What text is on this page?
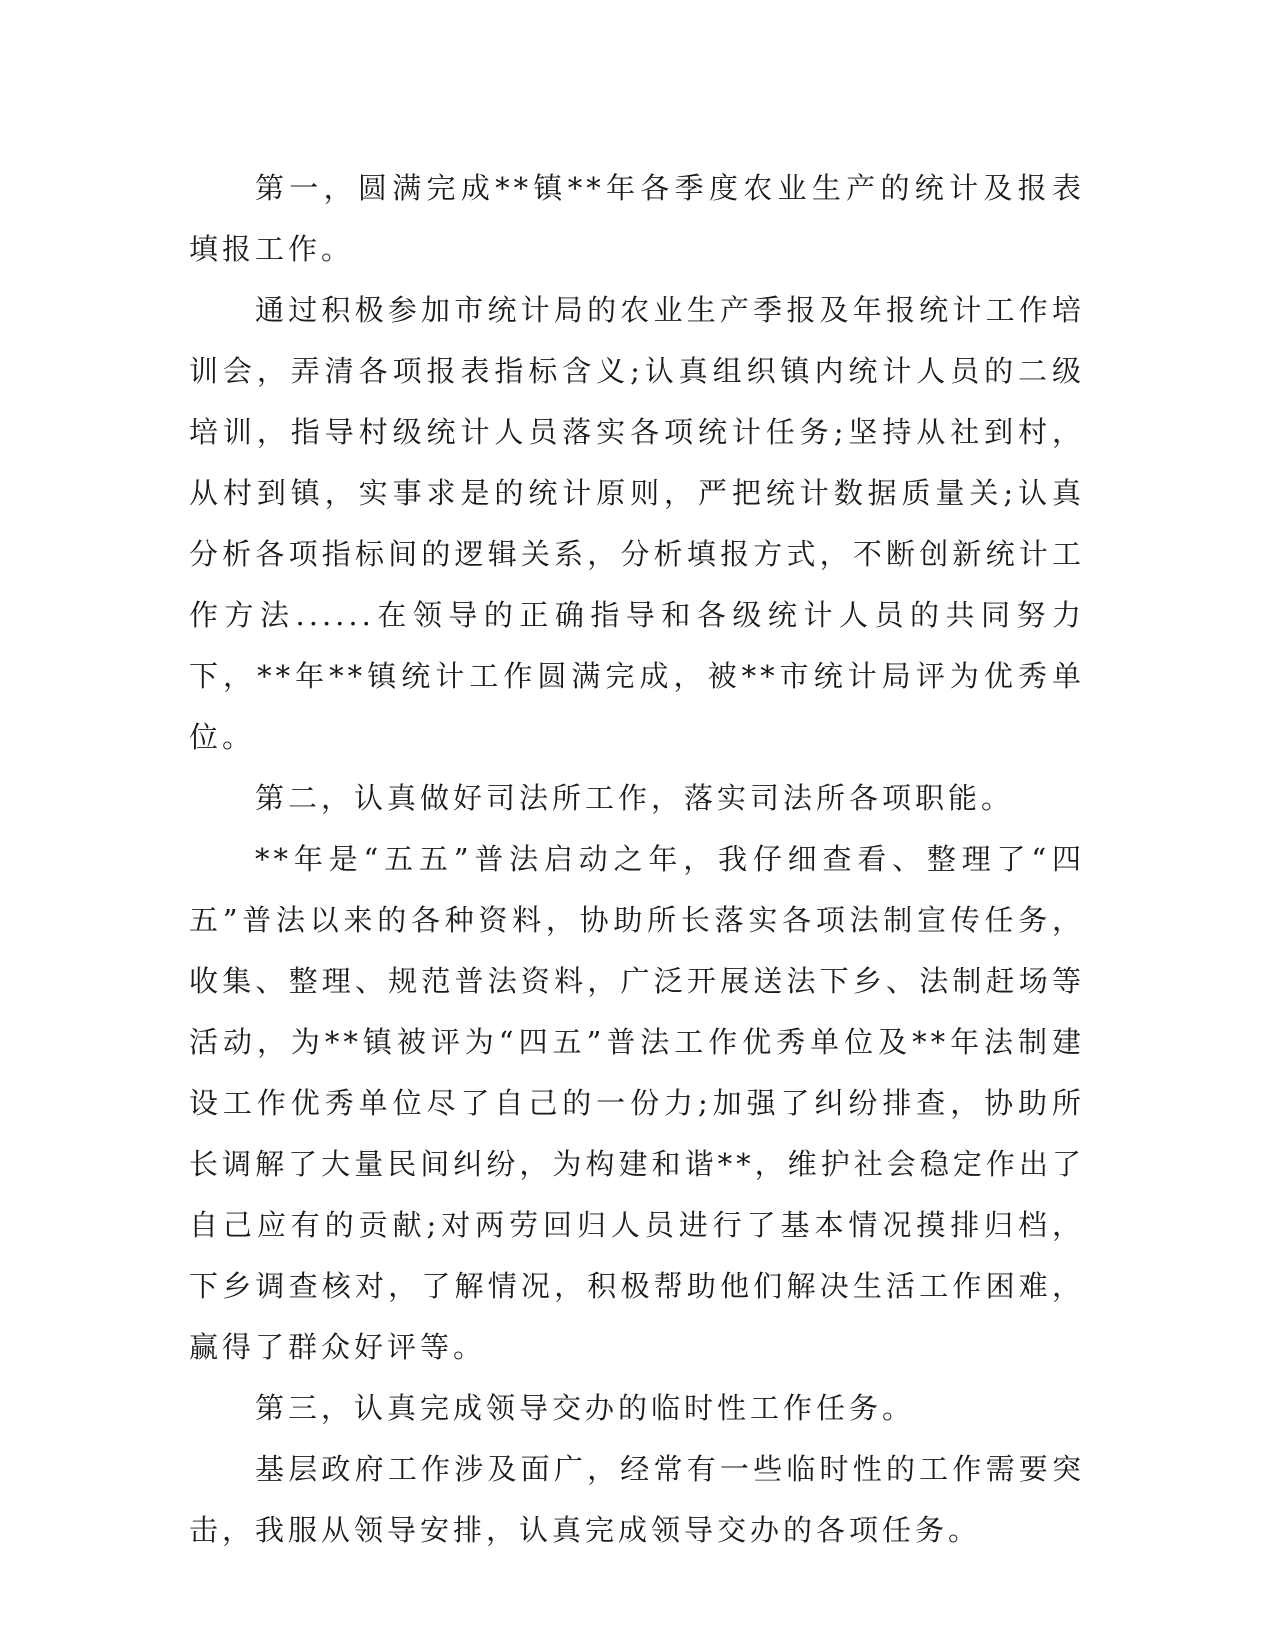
第一，圆满完成**镇**年各季度农业生产的统计及报表填报工作。

通过积极参加市统计局的农业生产季报及年报统计工作培训会，弄清各项报表指标含义;认真组织镇内统计人员的二级培训，指导村级统计人员落实各项统计任务;坚持从社到村，从村到镇，实事求是的统计原则，严把统计数据质量关;认真分析各项指标间的逻辑关系，分析填报方式，不断创新统计工作方法......在领导的正确指导和各级统计人员的共同努力下，**年**镇统计工作圆满完成，被**市统计局评为优秀单位。

第二，认真做好司法所工作，落实司法所各项职能。

**年是“五五”普法启动之年，我仔细查看、整理了“四五”普法以来的各种资料，协助所长落实各项法制宣传任务，收集、整理、规范普法资料，广泛开展送法下乡、法制赶场等活动，为**镇被评为“四五”普法工作优秀单位及**年法制建设工作优秀单位尽了自己的一份力;加强了纠纷排查，协助所长调解了大量民间纠纷，为构建和谐**，维护社会稳定作出了自己应有的贡献;对两劳回归人员进行了基本情况摸排归档，下乡调查核对，了解情况，积极帮助他们解决生活工作困难，赢得了群众好评等。

第三，认真完成领导交办的临时性工作任务。

基层政府工作涉及面广，经常有一些临时性的工作需要突击，我服从领导安排，认真完成领导交办的各项任务。
